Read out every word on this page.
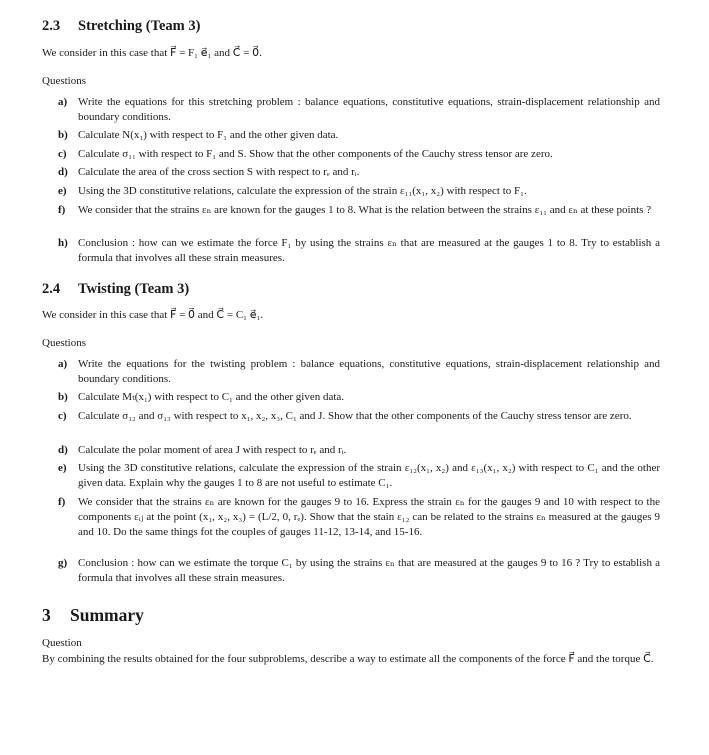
2.3 Stretching (Team 3)
We consider in this case that F⃗ = F₁ e⃗₁ and C⃗ = 0⃗.
Questions
a) Write the equations for this stretching problem : balance equations, constitutive equations, strain-displacement relationship and boundary conditions.
b) Calculate N(x₁) with respect to F₁ and the other given data.
c) Calculate σ₁₁ with respect to F₁ and S. Show that the other components of the Cauchy stress tensor are zero.
d) Calculate the area of the cross section S with respect to rₑ and rᵢ.
e) Using the 3D constitutive relations, calculate the expression of the strain ε₁₁(x₁, x₂) with respect to F₁.
f) We consider that the strains εₙ are known for the gauges 1 to 8. What is the relation between the strains ε₁₁ and εₙ at these points ?
h) Conclusion : how can we estimate the force F₁ by using the strains εₙ that are measured at the gauges 1 to 8. Try to establish a formula that involves all these strain measures.
2.4 Twisting (Team 3)
We consider in this case that F⃗ = 0⃗ and C⃗ = C₁ e⃗₁.
Questions
a) Write the equations for the twisting problem : balance equations, constitutive equations, strain-displacement relationship and boundary conditions.
b) Calculate Mₜ(x₁) with respect to C₁ and the other given data.
c) Calculate σ₁₂ and σ₁₃ with respect to x₁, x₂, x₃, C₁ and J. Show that the other components of the Cauchy stress tensor are zero.
d) Calculate the polar moment of area J with respect to rₑ and rᵢ.
e) Using the 3D constitutive relations, calculate the expression of the strain ε₁₂(x₁, x₂) and ε₁₃(x₁, x₂) with respect to C₁ and the other given data. Explain why the gauges 1 to 8 are not useful to estimate C₁.
f) We consider that the strains εₙ are known for the gauges 9 to 16. Express the strain εₙ for the gauges 9 and 10 with respect to the components εᵢⱼ at the point (x₁, x₂, x₃) = (L/2, 0, rₑ). Show that the stain ε₁₂ can be related to the strains εₙ measured at the gauges 9 and 10. Do the same things fot the couples of gauges 11-12, 13-14, and 15-16.
g) Conclusion : how can we estimate the torque C₁ by using the strains εₙ that are measured at the gauges 9 to 16 ? Try to establish a formula that involves all these strain measures.
3 Summary
Question
By combining the results obtained for the four subproblems, describe a way to estimate all the components of the force F⃗ and the torque C⃗.
